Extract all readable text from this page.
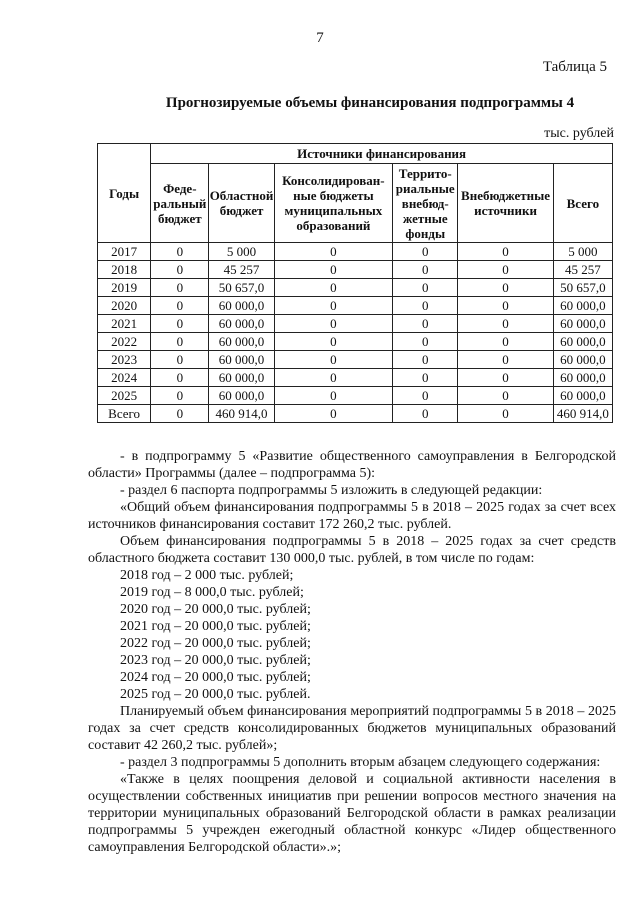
7
Таблица 5
Прогнозируемые объемы финансирования подпрограммы 4
тыс. рублей
Годы	Источники финансирования					
	Феде-ральный бюджет	Областной бюджет	Консолидирован-ные бюджеты муниципальных образований	Террито-риальные внебюд-жетные фонды	Внебюджетные источники	Всего
2017	0	5 000	0	0	0	5 000
2018	0	45 257	0	0	0	45 257
2019	0	50 657,0	0	0	0	50 657,0
2020	0	60 000,0	0	0	0	60 000,0
2021	0	60 000,0	0	0	0	60 000,0
2022	0	60 000,0	0	0	0	60 000,0
2023	0	60 000,0	0	0	0	60 000,0
2024	0	60 000,0	0	0	0	60 000,0
2025	0	60 000,0	0	0	0	60 000,0
Всего	0	460 914,0	0	0	0	460 914,0

- в подпрограмму 5 «Развитие общественного самоуправления в Белгородской области» Программы (далее – подпрограмма 5):

- раздел 6 паспорта подпрограммы 5 изложить в следующей редакции:

«Общий объем финансирования подпрограммы 5 в 2018 – 2025 годах за счет всех источников финансирования составит 172 260,2 тыс. рублей.

Объем финансирования подпрограммы 5 в 2018 – 2025 годах за счет средств областного бюджета составит 130 000,0 тыс. рублей, в том числе по годам:

2018 год – 2 000 тыс. рублей;

2019 год – 8 000,0 тыс. рублей;

2020 год – 20 000,0 тыс. рублей;

2021 год – 20 000,0 тыс. рублей;

2022 год – 20 000,0 тыс. рублей;

2023 год – 20 000,0 тыс. рублей;

2024 год – 20 000,0 тыс. рублей;

2025 год – 20 000,0 тыс. рублей.

Планируемый объем финансирования мероприятий подпрограммы 5 в 2018 – 2025 годах за счет средств консолидированных бюджетов муниципальных образований составит 42 260,2 тыс. рублей»;

- раздел 3 подпрограммы 5 дополнить вторым абзацем следующего содержания:

«Также в целях поощрения деловой и социальной активности населения в осуществлении собственных инициатив при решении вопросов местного значения на территории муниципальных образований Белгородской области в рамках реализации подпрограммы 5 учрежден ежегодный областной конкурс «Лидер общественного самоуправления Белгородской области».»;
